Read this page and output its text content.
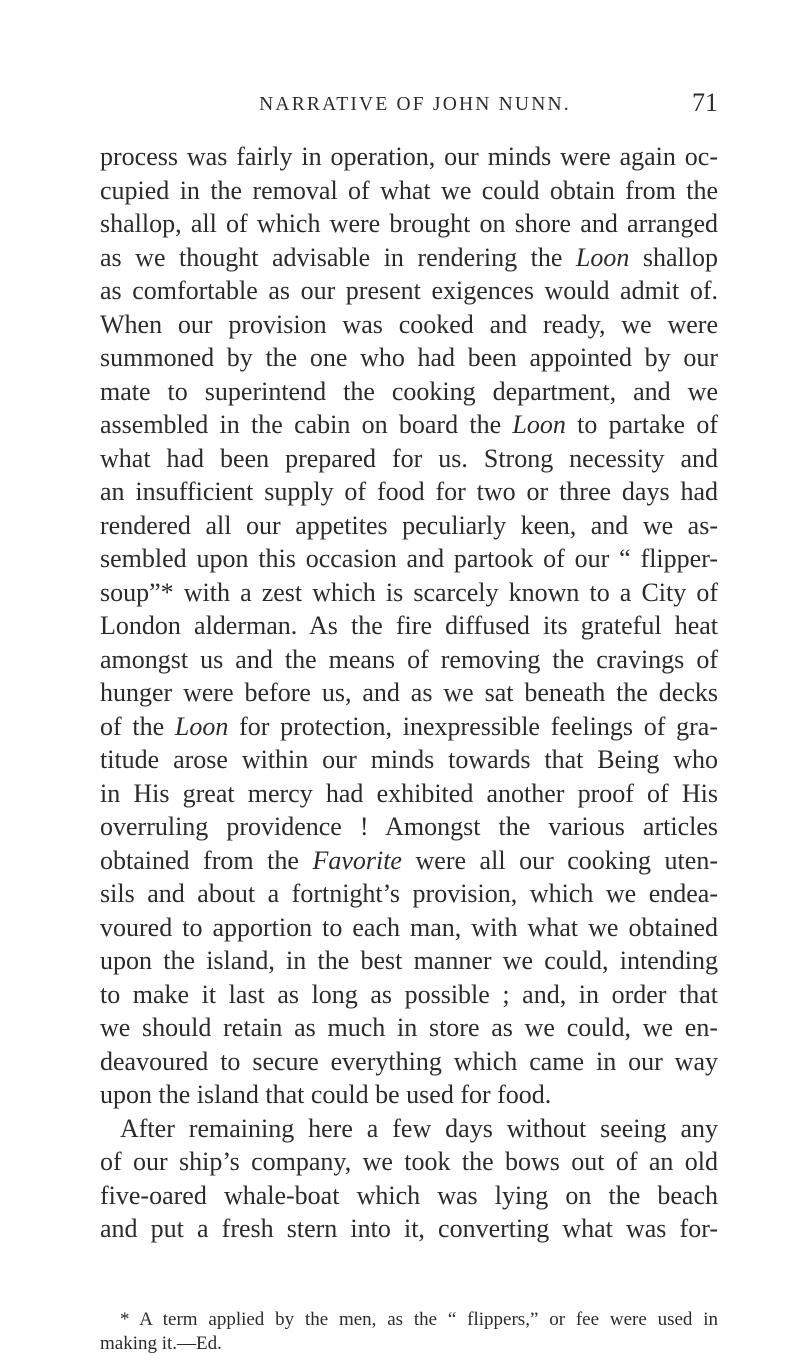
NARRATIVE OF JOHN NUNN.	71
process was fairly in operation, our minds were again oc-
cupied in the removal of what we could obtain from the
shallop, all of which were brought on shore and arranged
as we thought advisable in rendering the Loon shallop
as comfortable as our present exigences would admit of.
When our provision was cooked and ready, we were
summoned by the one who had been appointed by our
mate to superintend the cooking department, and we
assembled in the cabin on board the Loon to partake of
what had been prepared for us. Strong necessity and
an insufficient supply of food for two or three days had
rendered all our appetites peculiarly keen, and we as-
sembled upon this occasion and partook of our “ flipper-
soup”* with a zest which is scarcely known to a City of
London alderman. As the fire diffused its grateful heat
amongst us and the means of removing the cravings of
hunger were before us, and as we sat beneath the decks
of the Loon for protection, inexpressible feelings of gra-
titude arose within our minds towards that Being who
in His great mercy had exhibited another proof of His
overruling providence ! Amongst the various articles
obtained from the Favorite were all our cooking uten-
sils and about a fortnight’s provision, which we endea-
voured to apportion to each man, with what we obtained
upon the island, in the best manner we could, intending
to make it last as long as possible ; and, in order that
we should retain as much in store as we could, we en-
deavoured to secure everything which came in our way
upon the island that could be used for food.
After remaining here a few days without seeing any
of our ship’s company, we took the bows out of an old
five-oared whale-boat which was lying on the beach
and put a fresh stern into it, converting what was for-
* A term applied by the men, as the “ flippers,” or fee were used in
making it.—Ed.
